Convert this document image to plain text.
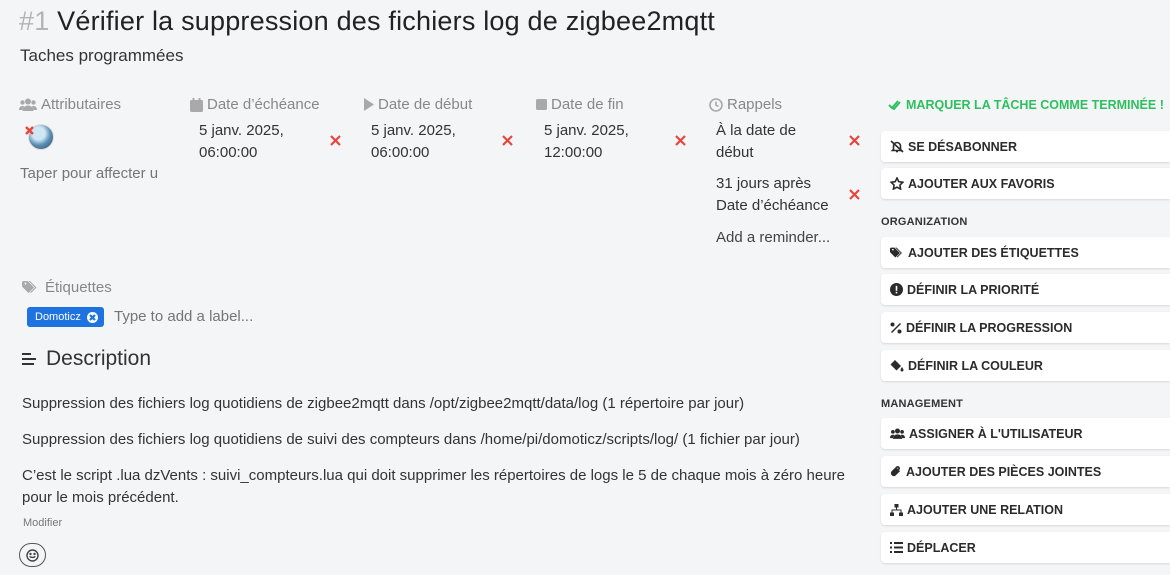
#1 Vérifier la suppression des fichiers log de zigbee2mqtt
Taches programmées
Attributaires
Taper pour affecter u	Date d’échéance
5 janv. 2025,
06:00:00
Date de début
5 janv. 2025,
06:00:00
Date de fin
5 janv. 2025,
12:00:00
Rappels
À la date de
début
31 jours après
Date d’échéance
Add a reminder...
Étiquettes
Domoticz
Type to add a label...
Description

Suppression des fichiers log quotidiens de zigbee2mqtt dans /opt/zigbee2mqtt/data/log (1 répertoire par jour)

Suppression des fichiers log quotidiens de suivi des compteurs dans /home/pi/domoticz/scripts/log/ (1 fichier par jour)

C’est le script .lua dzVents : suivi_compteurs.lua qui doit supprimer les répertoires de logs le 5 de chaque mois à zéro heure pour le mois précédent.

Modifier
MARQUER LA TÂCHE COMME TERMINÉE !
SE DÉSABONNER
AJOUTER AUX FAVORIS
ORGANIZATION
AJOUTER DES ÉTIQUETTES
DÉFINIR LA PRIORITÉ
DÉFINIR LA PROGRESSION
DÉFINIR LA COULEUR
MANAGEMENT
ASSIGNER À L'UTILISATEUR
AJOUTER DES PIÈCES JOINTES
AJOUTER UNE RELATION
DÉPLACER
